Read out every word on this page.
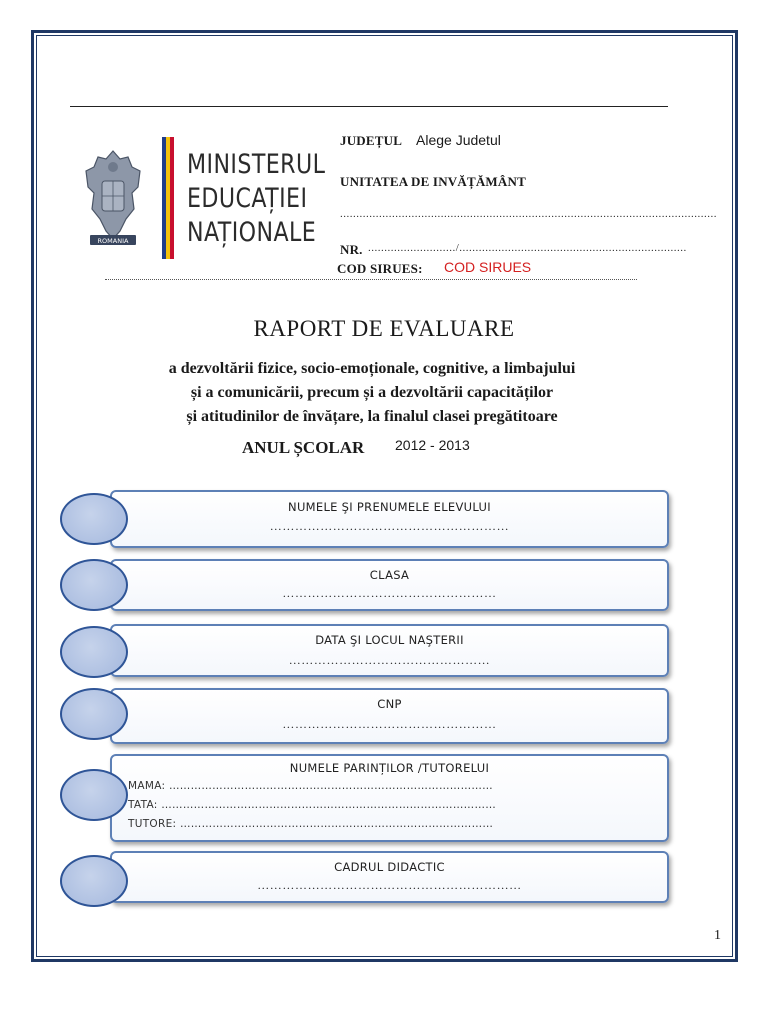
ROMANIA
MINISTERUL
EDUCAȚIEI
NAȚIONALE
JUDEȚUL Alege Judetul
UNITATEA DE INVĂȚĂMÂNT
....................................................................................................................
NR. .........................../......................................................................
COD SIRUES: COD SIRUES
RAPORT DE EVALUARE
a dezvoltării fizice, socio-emoționale, cognitive, a limbajului
și a comunicării, precum și a dezvoltării capacităților
și atitudinilor de învățare, la finalul clasei pregătitoare
ANUL ȘCOLAR 2012 - 2013
NUMELE ŞI PRENUMELE ELEVULUI
…………………………………………………
CLASA
……………………………………………
DATA ŞI LOCUL NAŞTERII
…………………………………………
CNP
……………………………………………
NUMELE PARINȚILOR /TUTORELUI
MAMA: ………………………………………………………………………………
TATA: …………………………………………………………………………………
TUTORE: ……………………………………………………………………………
CADRUL DIDACTIC
………………………………………………………
1
